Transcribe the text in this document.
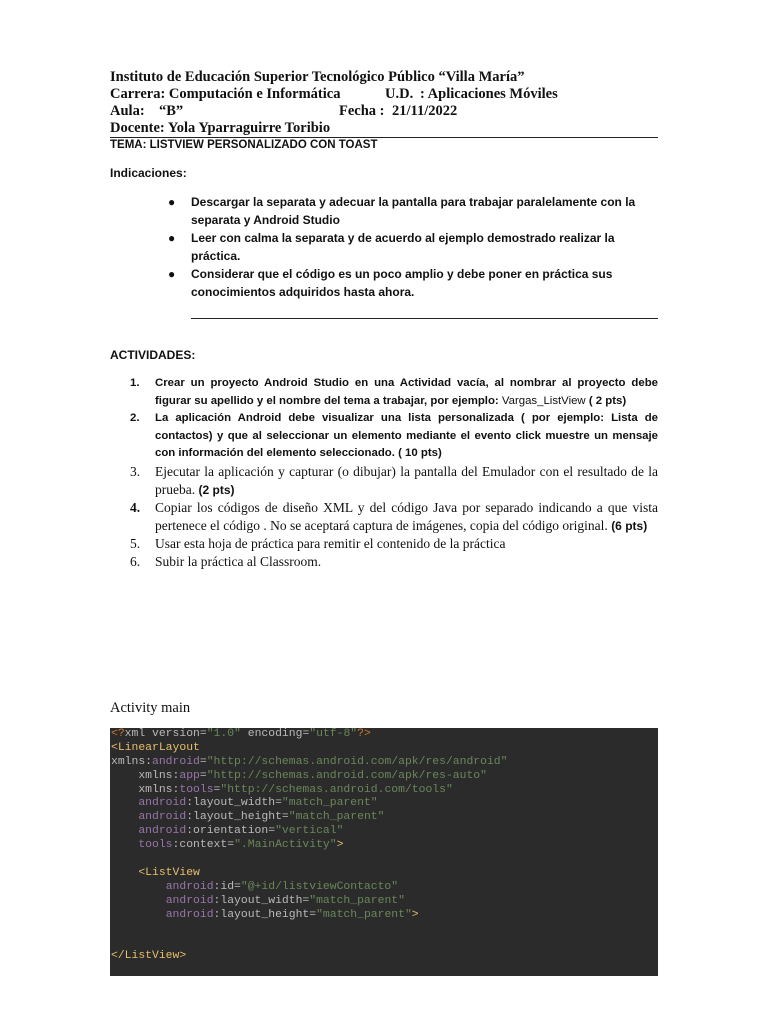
Instituto de Educación Superior Tecnológico Público “Villa María”
Carrera: Computación e Informática	U.D. : Aplicaciones Móviles
Aula: “B”	Fecha : 21/11/2022
Docente: Yola Yparraguirre Toribio
TEMA: LISTVIEW PERSONALIZADO CON TOAST
Indicaciones:
● Descargar la separata y adecuar la pantalla para trabajar paralelamente con la separata y Android Studio
● Leer con calma la separata y de acuerdo al ejemplo demostrado realizar la práctica.
● Considerar que el código es un poco amplio y debe poner en práctica sus conocimientos adquiridos hasta ahora.
ACTIVIDADES:
1. Crear un proyecto Android Studio en una Actividad vacía, al nombrar al proyecto debe figurar su apellido y el nombre del tema a trabajar, por ejemplo: Vargas_ListView ( 2 pts)
2. La aplicación Android debe visualizar una lista personalizada ( por ejemplo: Lista de contactos) y que al seleccionar un elemento mediante el evento click muestre un mensaje con información del elemento seleccionado. ( 10 pts)
3. Ejecutar la aplicación y capturar (o dibujar) la pantalla del Emulador con el resultado de la prueba. (2 pts)
4. Copiar los códigos de diseño XML y del código Java por separado indicando a que vista pertenece el código . No se aceptará captura de imágenes, copia del código original. (6 pts)
5. Usar esta hoja de práctica para remitir el contenido de la práctica
6. Subir la práctica al Classroom.
Activity main
<?xml version="1.0" encoding="utf-8"?>
<LinearLayout
xmlns:android="http://schemas.android.com/apk/res/android"
xmlns:app="http://schemas.android.com/apk/res-auto"
xmlns:tools="http://schemas.android.com/tools"
android:layout_width="match_parent"
android:layout_height="match_parent"
android:orientation="vertical"
tools:context=".MainActivity">
<ListView
android:id="@+id/listviewContacto"
android:layout_width="match_parent"
android:layout_height="match_parent">
</ListView>
